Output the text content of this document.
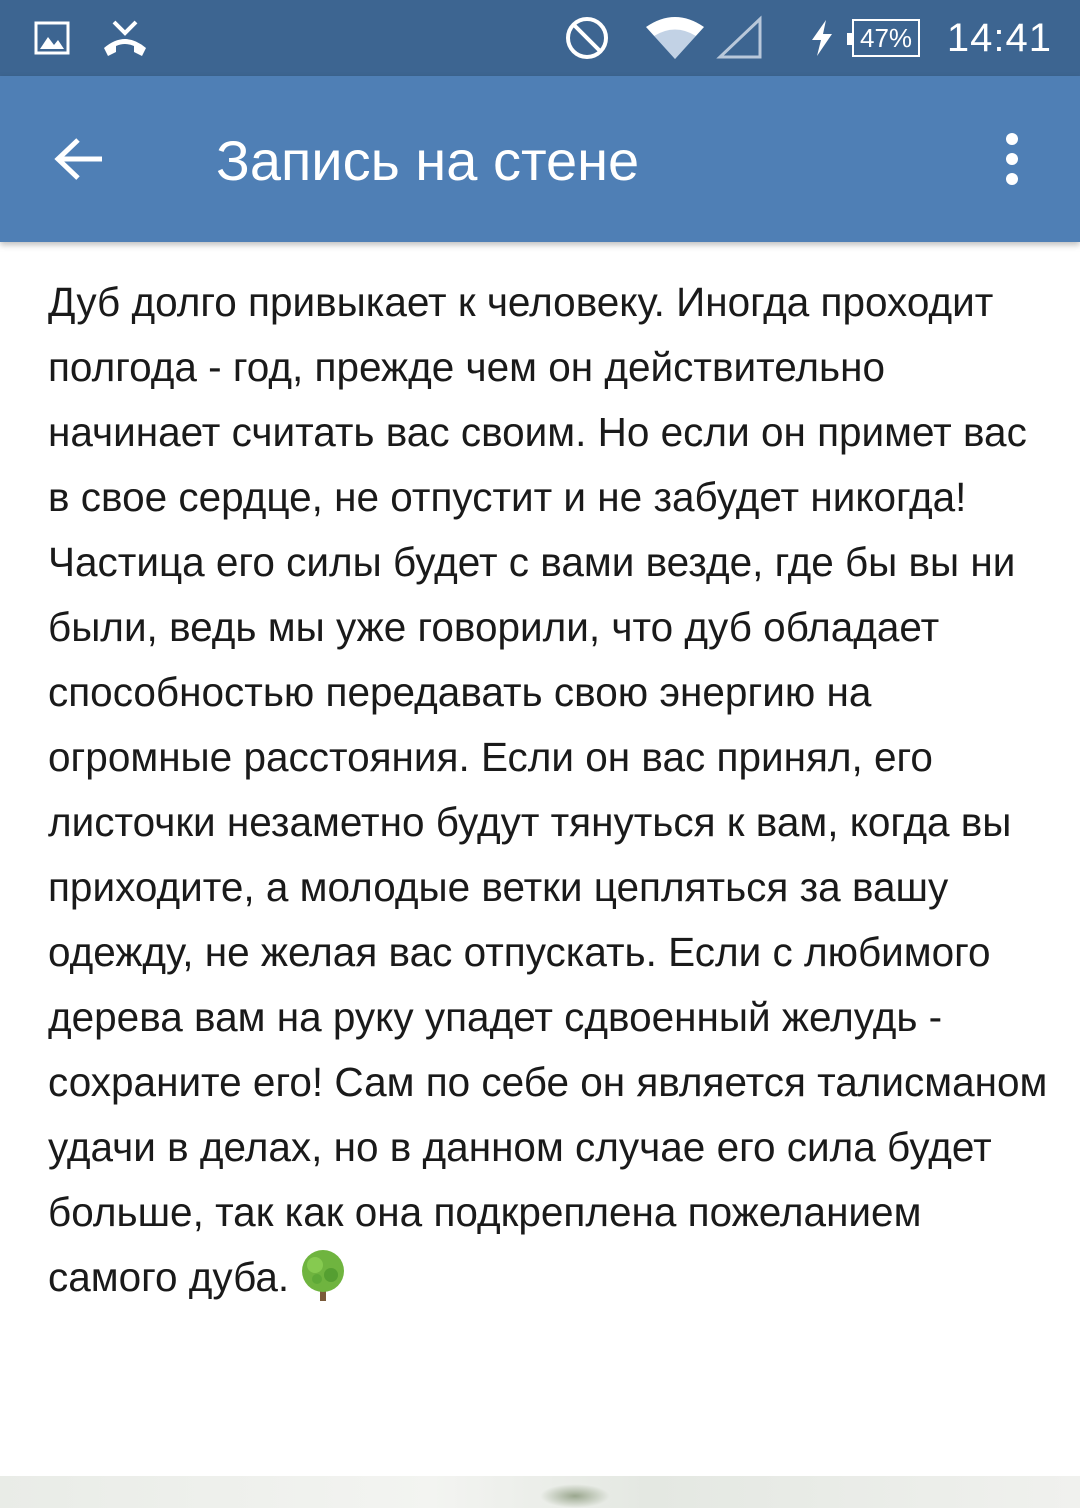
47% 14:41
Запись на стене

Дуб долго привыкает к человеку. Иногда проходит полгода - год, прежде чем он действительно начинает считать вас своим. Но если он примет вас в свое сердце, не отпустит и не забудет никогда! Частица его силы будет с вами везде, где бы вы ни были, ведь мы уже говорили, что дуб обладает способностью передавать свою энергию на огромные расстояния. Если он вас принял, его листочки незаметно будут тянуться к вам, когда вы приходите, а молодые ветки цепляться за вашу одежду, не желая вас отпускать. Если с любимого дерева вам на руку упадет сдвоенный желудь - сохраните его! Сам по себе он является талисманом удачи в делах, но в данном случае его сила будет больше, так как она подкреплена пожеланием самого дуба.
